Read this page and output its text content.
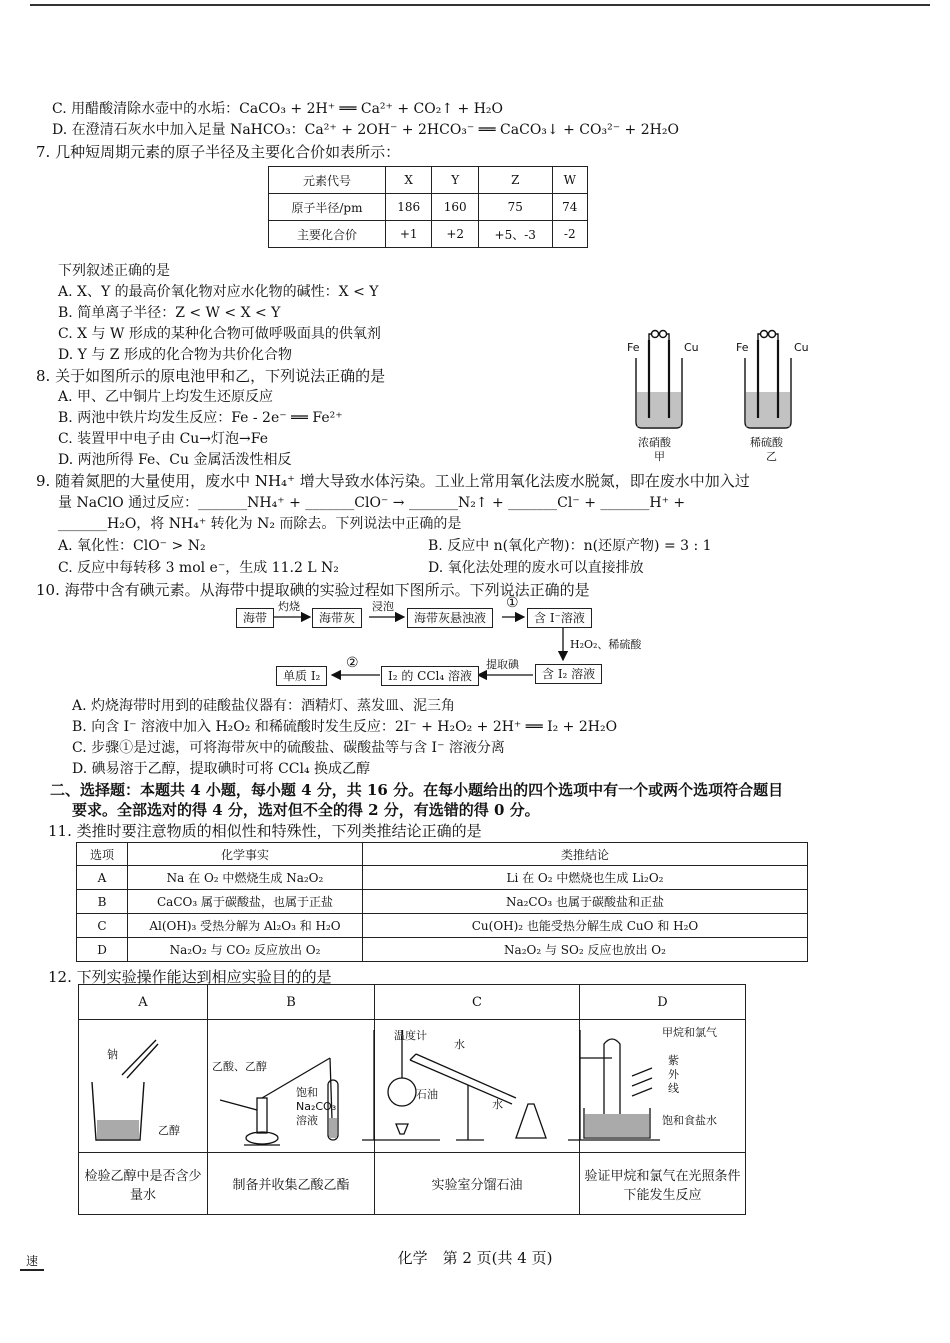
C. 用醋酸清除水壶中的水垢：CaCO₃ + 2H⁺ ══ Ca²⁺ + CO₂↑ + H₂O
D. 在澄清石灰水中加入足量 NaHCO₃：Ca²⁺ + 2OH⁻ + 2HCO₃⁻ ══ CaCO₃↓ + CO₃²⁻ + 2H₂O
7. 几种短周期元素的原子半径及主要化合价如表所示：
元素代号	X	Y	Z	W
原子半径/pm	186	160	75	74
主要化合价	+1	+2	+5、-3	-2
下列叙述正确的是
A. X、Y 的最高价氧化物对应水化物的碱性：X < Y
B. 简单离子半径：Z < W < X < Y
C. X 与 W 形成的某种化合物可做呼吸面具的供氧剂
D. Y 与 Z 形成的化合物为共价化合物
8. 关于如图所示的原电池甲和乙，下列说法正确的是
A. 甲、乙中铜片上均发生还原反应
B. 两池中铁片均发生反应：Fe - 2e⁻ ══ Fe²⁺
C. 装置甲中电子由 Cu→灯泡→Fe
D. 两池所得 Fe、Cu 金属活泼性相反
Fe	Cu
浓硝酸
甲
Fe	Cu
稀硫酸
乙
9. 随着氮肥的大量使用，废水中 NH₄⁺ 增大导致水体污染。工业上常用氧化法废水脱氮，即在废水中加入过
量 NaClO 通过反应：_______NH₄⁺ + _______ClO⁻ → _______N₂↑ + _______Cl⁻ + _______H⁺ +
_______H₂O，将 NH₄⁺ 转化为 N₂ 而除去。下列说法中正确的是
A. 氧化性：ClO⁻ > N₂	B. 反应中 n(氧化产物)：n(还原产物) = 3 : 1
C. 反应中每转移 3 mol e⁻，生成 11.2 L N₂	D. 氧化法处理的废水可以直接排放
10. 海带中含有碘元素。从海带中提取碘的实验过程如下图所示。下列说法正确的是
海带
灼烧
海带灰
浸泡
海带灰悬浊液
①
含 I⁻溶液
H₂O₂、稀硫酸
含 I₂ 溶液
提取碘
I₂ 的 CCl₄ 溶液
②
单质 I₂
A. 灼烧海带时用到的硅酸盐仪器有：酒精灯、蒸发皿、泥三角
B. 向含 I⁻ 溶液中加入 H₂O₂ 和稀硫酸时发生反应：2I⁻ + H₂O₂ + 2H⁺ ══ I₂ + 2H₂O
C. 步骤①是过滤，可将海带灰中的硫酸盐、碳酸盐等与含 I⁻ 溶液分离
D. 碘易溶于乙醇，提取碘时可将 CCl₄ 换成乙醇
二、选择题：本题共 4 小题，每小题 4 分，共 16 分。在每小题给出的四个选项中有一个或两个选项符合题目
要求。全部选对的得 4 分，选对但不全的得 2 分，有选错的得 0 分。
11. 类推时要注意物质的相似性和特殊性，下列类推结论正确的是
选项	化学事实	类推结论
A	Na 在 O₂ 中燃烧生成 Na₂O₂	Li 在 O₂ 中燃烧也生成 Li₂O₂
B	CaCO₃ 属于碳酸盐，也属于正盐	Na₂CO₃ 也属于碳酸盐和正盐
C	Al(OH)₃ 受热分解为 Al₂O₃ 和 H₂O	Cu(OH)₂ 也能受热分解生成 CuO 和 H₂O
D	Na₂O₂ 与 CO₂ 反应放出 O₂	Na₂O₂ 与 SO₂ 反应也放出 O₂
12. 下列实验操作能达到相应实验目的的是
A	B	C	D

检验乙醇中是否含少量水	制备并收集乙酸乙酯	实验室分馏石油	验证甲烷和氯气在光照条件下能发生反应
钠
乙醇
乙酸、乙醇
饱和
Na₂CO₃
溶液
温度计
水
石油
水
甲烷和氯气
紫
外
线
饱和食盐水
速	化学　第 2 页(共 4 页)
